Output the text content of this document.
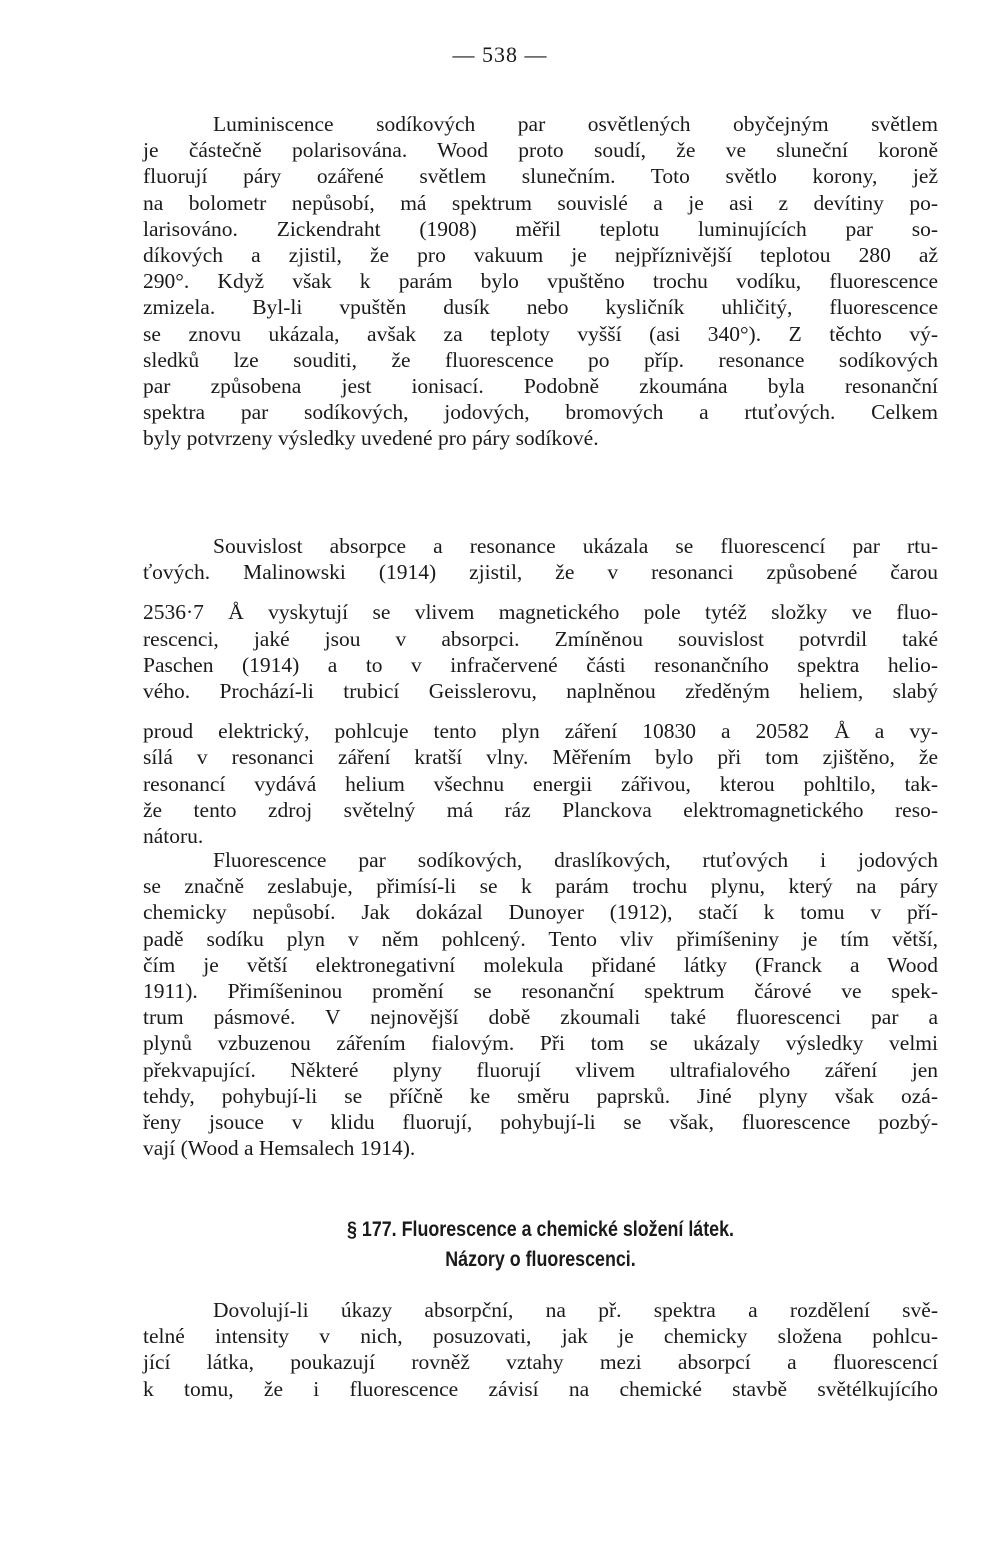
— 538 —
Luminiscence sodíkových par osvětlených obyčejným světlem
je částečně polarisována. Wood proto soudí, že ve sluneční koroně
fluorují páry ozářené světlem slunečním. Toto světlo korony, jež
na bolometr nepůsobí, má spektrum souvislé a je asi z devítiny po-
larisováno. Zickendraht (1908) měřil teplotu luminujících par so-
díkových a zjistil, že pro vakuum je nejpříznivější teplotou 280 až
290°. Když však k parám bylo vpuštěno trochu vodíku, fluorescence
zmizela. Byl-li vpuštěn dusík nebo kysličník uhličitý, fluorescence
se znovu ukázala, avšak za teploty vyšší (asi 340°). Z těchto vý-
sledků lze souditi, že fluorescence po příp. resonance sodíkových
par způsobena jest ionisací. Podobně zkoumána byla resonanční
spektra par sodíkových, jodových, bromových a rtuťových. Celkem
byly potvrzeny výsledky uvedené pro páry sodíkové.
Souvislost absorpce a resonance ukázala se fluorescencí par rtu-
ťových. Malinowski (1914) zjistil, že v resonanci způsobené čarou
2536·7 Å vyskytují se vlivem magnetického pole tytéž složky ve fluo-
rescenci, jaké jsou v absorpci. Zmíněnou souvislost potvrdil také
Paschen (1914) a to v infračervené části resonančního spektra helio-
vého. Prochází-li trubicí Geisslerovu, naplněnou zředěným heliem, slabý
proud elektrický, pohlcuje tento plyn záření 10830 a 20582 Å a vy-
sílá v resonanci záření kratší vlny. Měřením bylo při tom zjištěno, že
resonancí vydává helium všechnu energii zářivou, kterou pohltilo, tak-
že tento zdroj světelný má ráz Planckova elektromagnetického reso-
nátoru.
Fluorescence par sodíkových, draslíkových, rtuťových i jodových
se značně zeslabuje, přimísí-li se k parám trochu plynu, který na páry
chemicky nepůsobí. Jak dokázal Dunoyer (1912), stačí k tomu v pří-
padě sodíku plyn v něm pohlcený. Tento vliv přimíšeniny je tím větší,
čím je větší elektronegativní molekula přidané látky (Franck a Wood
1911). Přimíšeninou promění se resonanční spektrum čárové ve spek-
trum pásmové. V nejnovější době zkoumali také fluorescenci par a
plynů vzbuzenou zářením fialovým. Při tom se ukázaly výsledky velmi
překvapující. Některé plyny fluorují vlivem ultrafialového záření jen
tehdy, pohybují-li se příčně ke směru paprsků. Jiné plyny však ozá-
řeny jsouce v klidu fluorují, pohybují-li se však, fluorescence pozbý-
vají (Wood a Hemsalech 1914).
§ 177. Fluorescence a chemické složení látek.
Názory o fluorescenci.
Dovolují-li úkazy absorpční, na př. spektra a rozdělení svě-
telné intensity v nich, posuzovati, jak je chemicky složena pohlcu-
jící látka, poukazují rovněž vztahy mezi absorpcí a fluorescencí
k tomu, že i fluorescence závisí na chemické stavbě světélkujícího
